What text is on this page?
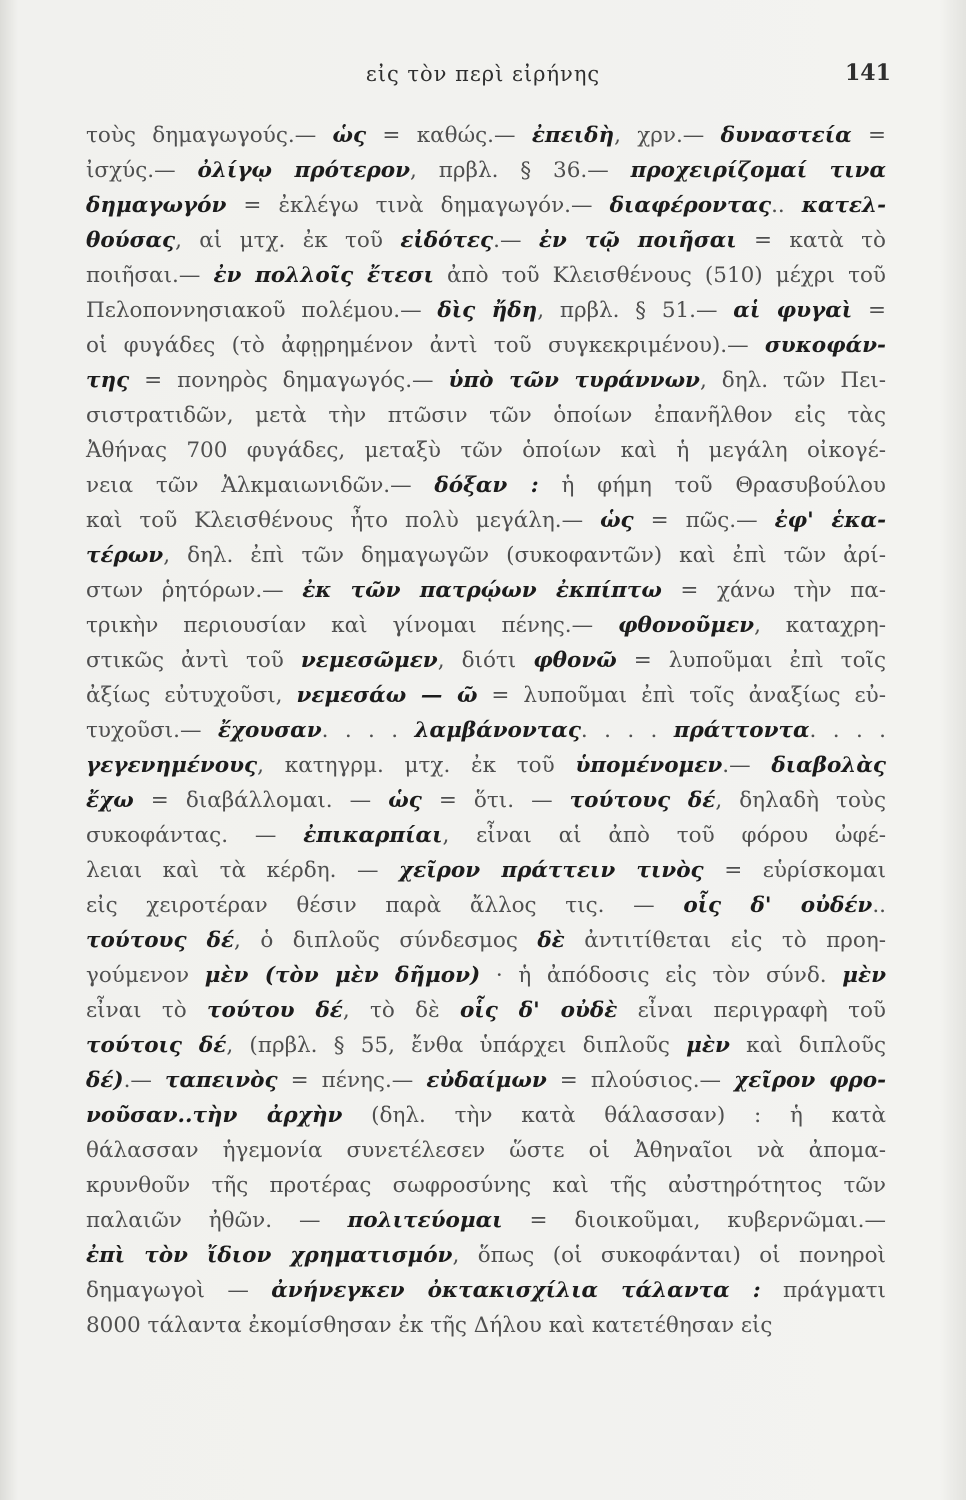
εἰς τὸν περὶ εἰρήνης	141
τοὺς δημαγωγούς.— ὡς = καθώς.— ἐπειδὴ, χρν.— δυναστεία =
ἰσχύς.— ὀλίγῳ πρότερον, πρβλ. § 36.— προχειρίζομαί τινα
δημαγωγόν = ἐκλέγω τινὰ δημαγωγόν.— διαφέροντας.. κατελ-
θούσας, αἱ μτχ. ἐκ τοῦ εἰδότες.— ἐν τῷ ποιῆσαι = κατὰ τὸ
ποιῆσαι.— ἐν πολλοῖς ἔτεσι ἀπὸ τοῦ Κλεισθένους (510) μέχρι τοῦ
Πελοποννησιακοῦ πολέμου.— δὶς ἤδη, πρβλ. § 51.— αἱ φυγαὶ =
οἱ φυγάδες (τὸ ἀφῃρημένον ἀντὶ τοῦ συγκεκριμένου).— συκοφάν-
της = πονηρὸς δημαγωγός.— ὑπὸ τῶν τυράννων, δηλ. τῶν Πει-
σιστρατιδῶν, μετὰ τὴν πτῶσιν τῶν ὁποίων ἐπανῆλθον εἰς τὰς
Ἀθήνας 700 φυγάδες, μεταξὺ τῶν ὁποίων καὶ ἡ μεγάλη οἰκογέ-
νεια τῶν Ἀλκμαιωνιδῶν.— δόξαν : ἡ φήμη τοῦ Θρασυβούλου
καὶ τοῦ Κλεισθένους ἦτο πολὺ μεγάλη.— ὡς = πῶς.— ἐφ' ἑκα-
τέρων, δηλ. ἐπὶ τῶν δημαγωγῶν (συκοφαντῶν) καὶ ἐπὶ τῶν ἀρί-
στων ῥητόρων.— ἐκ τῶν πατρῴων ἐκπίπτω = χάνω τὴν πα-
τρικὴν περιουσίαν καὶ γίνομαι πένης.— φθονοῦμεν, καταχρη-
στικῶς ἀντὶ τοῦ νεμεσῶμεν, διότι φθονῶ = λυποῦμαι ἐπὶ τοῖς
ἀξίως εὐτυχοῦσι, νεμεσάω — ῶ = λυποῦμαι ἐπὶ τοῖς ἀναξίως εὐ-
τυχοῦσι.— ἔχουσαν. . . . λαμβάνοντας. . . . πράττοντα. . . .
γεγενημένους, κατηγρμ. μτχ. ἐκ τοῦ ὑπομένομεν.— διαβολὰς
ἔχω = διαβάλλομαι. — ὡς = ὅτι. — τούτους δέ, δηλαδὴ τοὺς
συκοφάντας. — ἐπικαρπίαι, εἶναι αἱ ἀπὸ τοῦ φόρου ὠφέ-
λειαι καὶ τὰ κέρδη. — χεῖρον πράττειν τινὸς = εὑρίσκομαι
εἰς χειροτέραν θέσιν παρὰ ἄλλος τις. — οἷς δ' οὐδέν..
τούτους δέ, ὁ διπλοῦς σύνδεσμος δὲ ἀντιτίθεται εἰς τὸ προη-
γούμενον μὲν (τὸν μὲν δῆμον) · ἡ ἀπόδοσις εἰς τὸν σύνδ. μὲν
εἶναι τὸ τούτου δέ, τὸ δὲ οἷς δ' οὐδὲ εἶναι περιγραφὴ τοῦ
τούτοις δέ, (πρβλ. § 55, ἔνθα ὑπάρχει διπλοῦς μὲν καὶ διπλοῦς
δέ).— ταπεινὸς = πένης.— εὐδαίμων = πλούσιος.— χεῖρον φρο-
νοῦσαν..τὴν ἀρχὴν (δηλ. τὴν κατὰ θάλασσαν) : ἡ κατὰ
θάλασσαν ἡγεμονία συνετέλεσεν ὥστε οἱ Ἀθηναῖοι νὰ ἀπομα-
κρυνθοῦν τῆς προτέρας σωφροσύνης καὶ τῆς αὐστηρότητος τῶν
παλαιῶν ἠθῶν. — πολιτεύομαι = διοικοῦμαι, κυβερνῶμαι.—
ἐπὶ τὸν ἴδιον χρηματισμόν, ὅπως (οἱ συκοφάνται) οἱ πονηροὶ
δημαγωγοὶ — ἀνήνεγκεν ὀκτακισχίλια τάλαντα : πράγματι
8000 τάλαντα ἐκομίσθησαν ἐκ τῆς Δήλου καὶ κατετέθησαν εἰς
